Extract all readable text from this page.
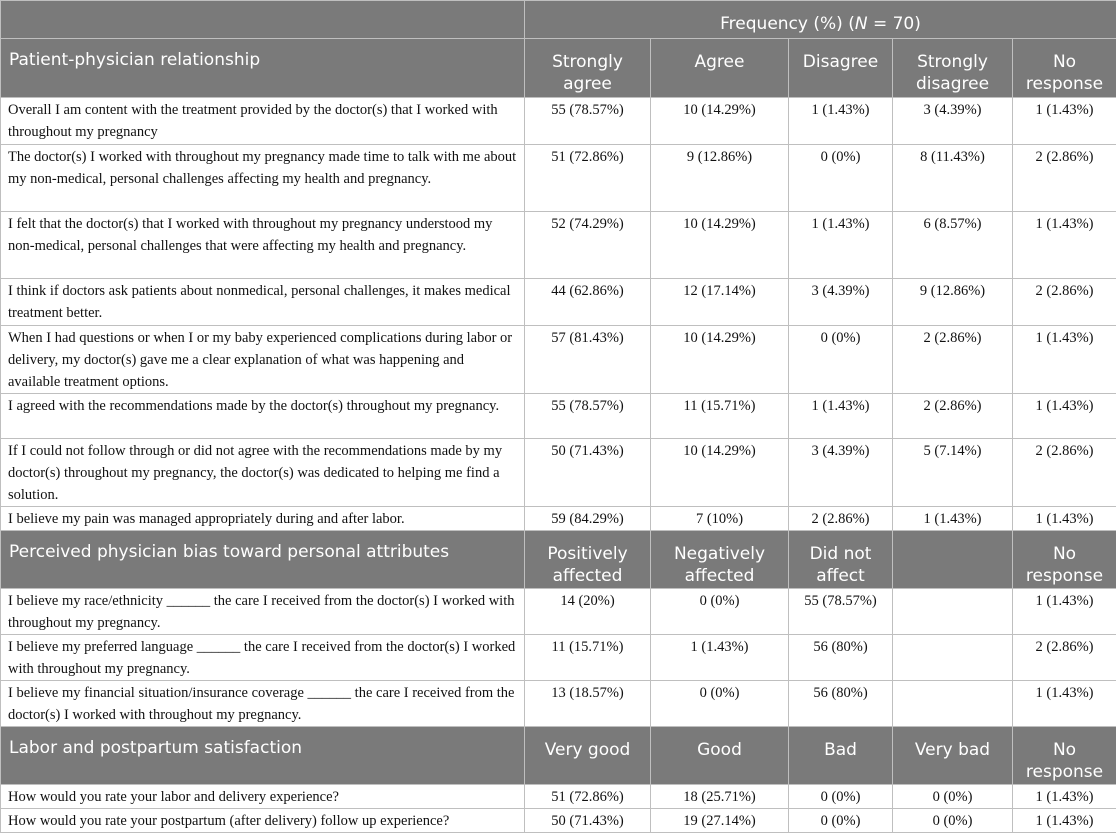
	Frequency (%) (N = 70)				
Patient-physician relationship	Strongly agree	Agree	Disagree	Strongly disagree	No response
Overall I am content with the treatment provided by the doctor(s) that I worked with throughout my pregnancy	55 (78.57%)	10 (14.29%)	1 (1.43%)	3 (4.39%)	1 (1.43%)
The doctor(s) I worked with throughout my pregnancy made time to talk with me about my non-medical, personal challenges affecting my health and pregnancy.	51 (72.86%)	9 (12.86%)	0 (0%)	8 (11.43%)	2 (2.86%)
I felt that the doctor(s) that I worked with throughout my pregnancy understood my non-medical, personal challenges that were affecting my health and pregnancy.	52 (74.29%)	10 (14.29%)	1 (1.43%)	6 (8.57%)	1 (1.43%)
I think if doctors ask patients about nonmedical, personal challenges, it makes medical treatment better.	44 (62.86%)	12 (17.14%)	3 (4.39%)	9 (12.86%)	2 (2.86%)
When I had questions or when I or my baby experienced complications during labor or delivery, my doctor(s) gave me a clear explanation of what was happening and available treatment options.	57 (81.43%)	10 (14.29%)	0 (0%)	2 (2.86%)	1 (1.43%)
I agreed with the recommendations made by the doctor(s) throughout my pregnancy.	55 (78.57%)	11 (15.71%)	1 (1.43%)	2 (2.86%)	1 (1.43%)
If I could not follow through or did not agree with the recommendations made by my doctor(s) throughout my pregnancy, the doctor(s) was dedicated to helping me find a solution.	50 (71.43%)	10 (14.29%)	3 (4.39%)	5 (7.14%)	2 (2.86%)
I believe my pain was managed appropriately during and after labor.	59 (84.29%)	7 (10%)	2 (2.86%)	1 (1.43%)	1 (1.43%)
Perceived physician bias toward personal attributes	Positively affected	Negatively affected	Did not affect		No response
I believe my race/ethnicity ______ the care I received from the doctor(s) I worked with throughout my pregnancy.	14 (20%)	0 (0%)	55 (78.57%)		1 (1.43%)
I believe my preferred language ______ the care I received from the doctor(s) I worked with throughout my pregnancy.	11 (15.71%)	1 (1.43%)	56 (80%)		2 (2.86%)
I believe my financial situation/insurance coverage ______ the care I received from the doctor(s) I worked with throughout my pregnancy.	13 (18.57%)	0 (0%)	56 (80%)		1 (1.43%)
Labor and postpartum satisfaction	Very good	Good	Bad	Very bad	No response
How would you rate your labor and delivery experience?	51 (72.86%)	18 (25.71%)	0 (0%)	0 (0%)	1 (1.43%)
How would you rate your postpartum (after delivery) follow up experience?	50 (71.43%)	19 (27.14%)	0 (0%)	0 (0%)	1 (1.43%)
